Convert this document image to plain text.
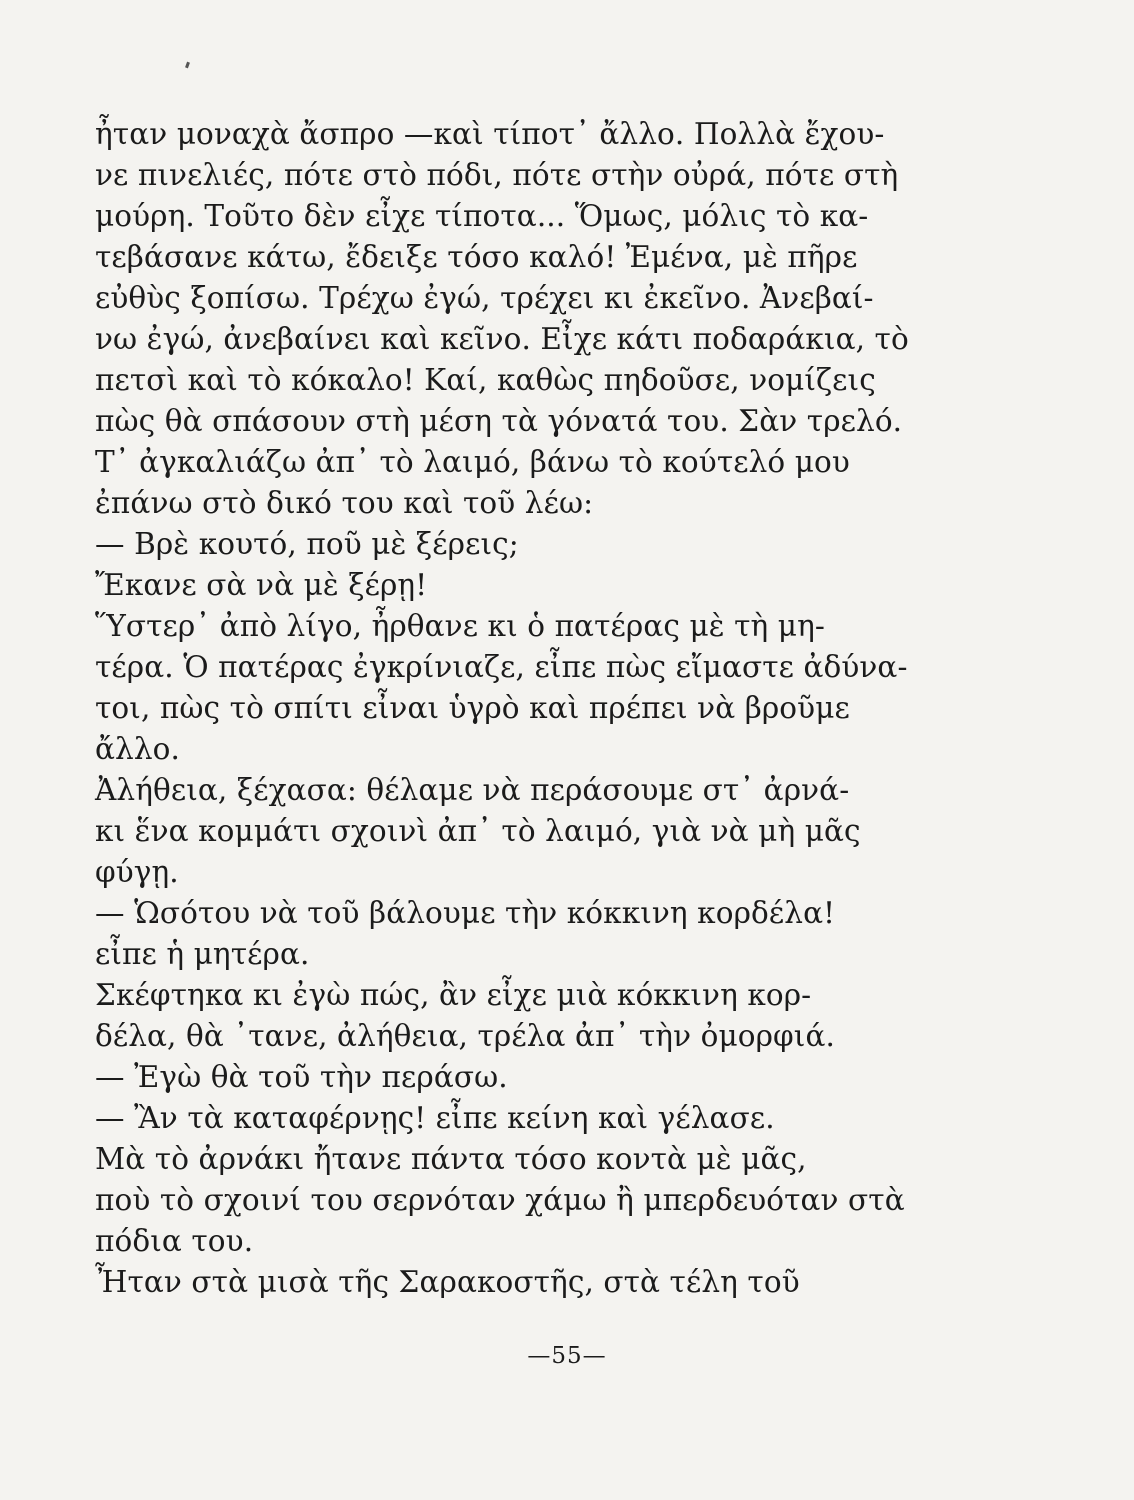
ἦταν μοναχὰ ἄσπρο —καὶ τίποτ᾽ ἄλλο. Πολλὰ ἔχου-
νε πινελιές, πότε στὸ πόδι, πότε στὴν οὐρά, πότε στὴ
μούρη. Τοῦτο δὲν εἶχε τίποτα... Ὅμως, μόλις τὸ κα-
τεβάσανε κάτω, ἔδειξε τόσο καλό! Ἐμένα, μὲ πῆρε
εὐθὺς ξοπίσω. Τρέχω ἐγώ, τρέχει κι ἐκεῖνο. Ἀνεβαί-
νω ἐγώ, ἀνεβαίνει καὶ κεῖνο. Εἶχε κάτι ποδαράκια, τὸ
πετσὶ καὶ τὸ κόκαλο! Καί, καθὼς πηδοῦσε, νομίζεις
πὼς θὰ σπάσουν στὴ μέση τὰ γόνατά του. Σὰν τρελό.
Τ᾽ ἀγκαλιάζω ἀπ᾽ τὸ λαιμό, βάνω τὸ κούτελό μου
ἐπάνω στὸ δικό του καὶ τοῦ λέω:
— Βρὲ κουτό, ποῦ μὲ ξέρεις;
Ἔκανε σὰ νὰ μὲ ξέρῃ!
Ὕστερ᾽ ἀπὸ λίγο, ἦρθανε κι ὁ πατέρας μὲ τὴ μη-
τέρα. Ὁ πατέρας ἐγκρίνιαζε, εἶπε πὼς εἴμαστε ἀδύνα-
τοι, πὼς τὸ σπίτι εἶναι ὑγρὸ καὶ πρέπει νὰ βροῦμε
ἄλλο.
Ἀλήθεια, ξέχασα: θέλαμε νὰ περάσουμε στ᾽ ἀρνά-
κι ἕνα κομμάτι σχοινὶ ἀπ᾽ τὸ λαιμό, γιὰ νὰ μὴ μᾶς
φύγῃ.
— Ὡσότου νὰ τοῦ βάλουμε τὴν κόκκινη κορδέλα!
εἶπε ἡ μητέρα.
Σκέφτηκα κι ἐγὼ πώς, ἂν εἶχε μιὰ κόκκινη κορ-
δέλα, θὰ ᾽τανε, ἀλήθεια, τρέλα ἀπ᾽ τὴν ὀμορφιά.
— Ἐγὼ θὰ τοῦ τὴν περάσω.
— Ἂν τὰ καταφέρνῃς! εἶπε κείνη καὶ γέλασε.
Μὰ τὸ ἀρνάκι ἤτανε πάντα τόσο κοντὰ μὲ μᾶς,
ποὺ τὸ σχοινί του σερνόταν χάμω ἢ μπερδευόταν στὰ
πόδια του.
Ἦταν στὰ μισὰ τῆς Σαρακοστῆς, στὰ τέλη τοῦ
—55—
